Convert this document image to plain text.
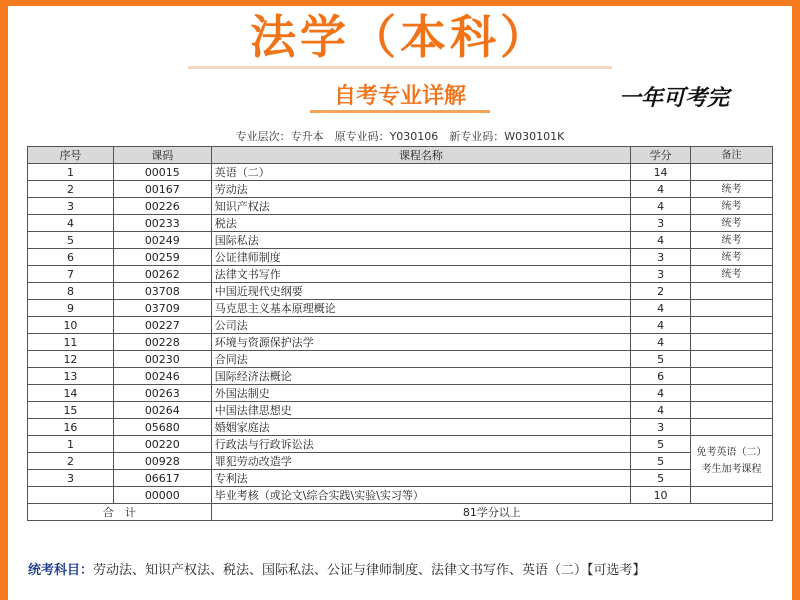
法学（本科）
自考专业详解	一年可考完
专业层次：专升本　原专业码：Y030106　新专业码：W030101K
序号	课码	课程名称	学分	备注
1	00015	英语（二）	14	
2	00167	劳动法	4	统考
3	00226	知识产权法	4	统考
4	00233	税法	3	统考
5	00249	国际私法	4	统考
6	00259	公证律师制度	3	统考
7	00262	法律文书写作	3	统考
8	03708	中国近现代史纲要	2	
9	03709	马克思主义基本原理概论	4	
10	00227	公司法	4	
11	00228	环境与资源保护法学	4	
12	00230	合同法	5	
13	00246	国际经济法概论	6	
14	00263	外国法制史	4	
15	00264	中国法律思想史	4	
16	05680	婚姻家庭法	3	
1	00220	行政法与行政诉讼法	5	免考英语（二）考生加考课程
2	00928	罪犯劳动改造学	5	
3	06617	专利法	5	
	00000	毕业考核（或论文\综合实践\实验\实习等）	10	
合　计		81学分以上		
统考科目：劳动法、知识产权法、税法、国际私法、公证与律师制度、法律文书写作、英语（二）【可选考】
